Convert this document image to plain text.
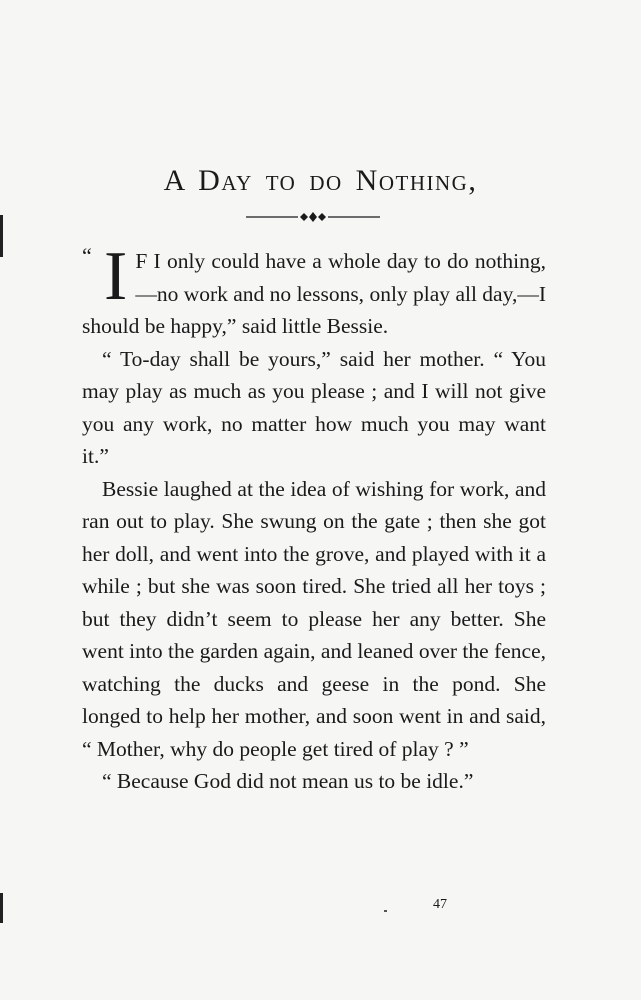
A Day to do Nothing,

“ I F I only could have a whole day to do nothing,—no work and no lessons, only play all day,—I should be happy,” said little Bessie.

“ To-day shall be yours,” said her mother. “ You may play as much as you please ; and I will not give you any work, no matter how much you may want it.”

Bessie laughed at the idea of wishing for work, and ran out to play. She swung on the gate ; then she got her doll, and went into the grove, and played with it a while ; but she was soon tired. She tried all her toys ; but they didn’t seem to please her any better. She went into the garden again, and leaned over the fence, watching the ducks and geese in the pond. She longed to help her mother, and soon went in and said, “ Mother, why do people get tired of play ? ”

“ Because God did not mean us to be idle.”

47
